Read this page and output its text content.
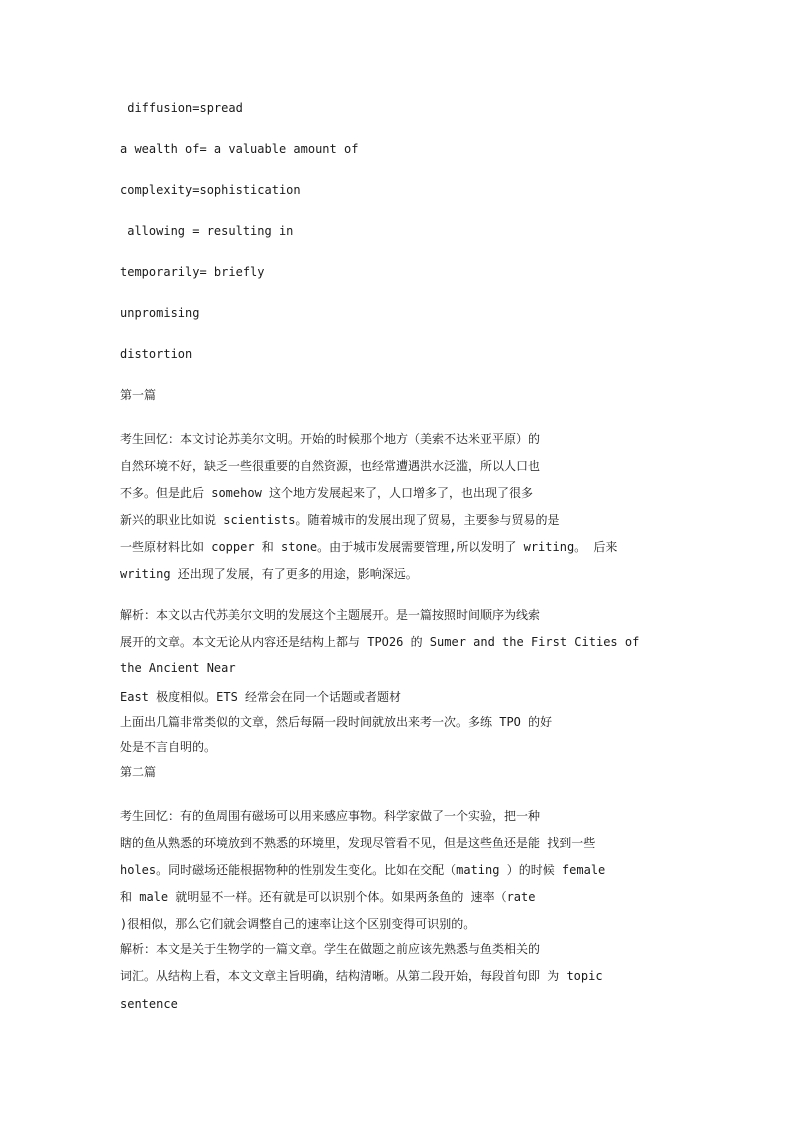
diffusion=spread
a wealth of= a valuable amount of
complexity=sophistication
allowing = resulting in
temporarily= briefly
unpromising
distortion
第一篇
考生回忆：本文讨论苏美尔文明。开始的时候那个地方（美索不达米亚平原）的
自然环境不好，缺乏一些很重要的自然资源，也经常遭遇洪水泛滥，所以人口也
不多。但是此后 somehow 这个地方发展起来了，人口增多了，也出现了很多
新兴的职业比如说 scientists。随着城市的发展出现了贸易，主要参与贸易的是
一些原材料比如 copper 和 stone。由于城市发展需要管理,所以发明了 writing。 后来
writing 还出现了发展，有了更多的用途，影响深远。
解析：本文以古代苏美尔文明的发展这个主题展开。是一篇按照时间顺序为线索
展开的文章。本文无论从内容还是结构上都与 TPO26 的 Sumer and the First Cities of
the Ancient Near
East 极度相似。ETS 经常会在同一个话题或者题材
上面出几篇非常类似的文章，然后每隔一段时间就放出来考一次。多练 TPO 的好
处是不言自明的。
第二篇
考生回忆：有的鱼周围有磁场可以用来感应事物。科学家做了一个实验，把一种
瞎的鱼从熟悉的环境放到不熟悉的环境里，发现尽管看不见，但是这些鱼还是能 找到一些
holes。同时磁场还能根据物种的性别发生变化。比如在交配（mating ）的时候 female
和 male 就明显不一样。还有就是可以识别个体。如果两条鱼的 速率（rate
)很相似，那么它们就会调整自己的速率让这个区别变得可识别的。
解析：本文是关于生物学的一篇文章。学生在做题之前应该先熟悉与鱼类相关的
词汇。从结构上看，本文文章主旨明确，结构清晰。从第二段开始，每段首句即 为 topic
sentence
